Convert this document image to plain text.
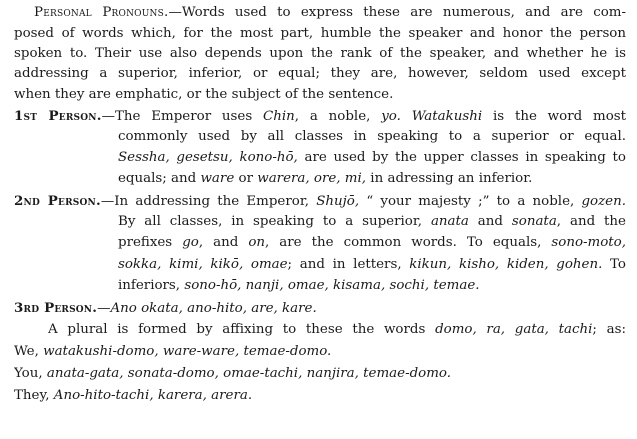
Personal Pronouns.—Words used to express these are numerous, and are com-
posed of words which, for the most part, humble the speaker and honor the person
spoken to. Their use also depends upon the rank of the speaker, and whether he is
addressing a superior, inferior, or equal; they are, however, seldom used except
when they are emphatic, or the subject of the sentence.
1st Person.—The Emperor uses Chin, a noble, yo. Watakushi is the word most
commonly used by all classes in speaking to a superior or equal.
Sessha, gesetsu, kono-hō, are used by the upper classes in speaking to
equals; and ware or warera, ore, mi, in adressing an inferior.
2nd Person.—In addressing the Emperor, Shujō, “ your majesty ;” to a noble, gozen.
By all classes, in speaking to a superior, anata and sonata, and the
prefixes go, and on, are the common words. To equals, sono-moto,
sokka, kimi, kikō, omae; and in letters, kikun, kisho, kiden, gohen. To
inferiors, sono-hō, nanji, omae, kisama, sochi, temae.
3rd Person.—Ano okata, ano-hito, are, kare.
A plural is formed by affixing to these the words domo, ra, gata, tachi; as:
We, watakushi-domo, ware-ware, temae-domo.
You, anata-gata, sonata-domo, omae-tachi, nanjira, temae-domo.
They, Ano-hito-tachi, karera, arera.
